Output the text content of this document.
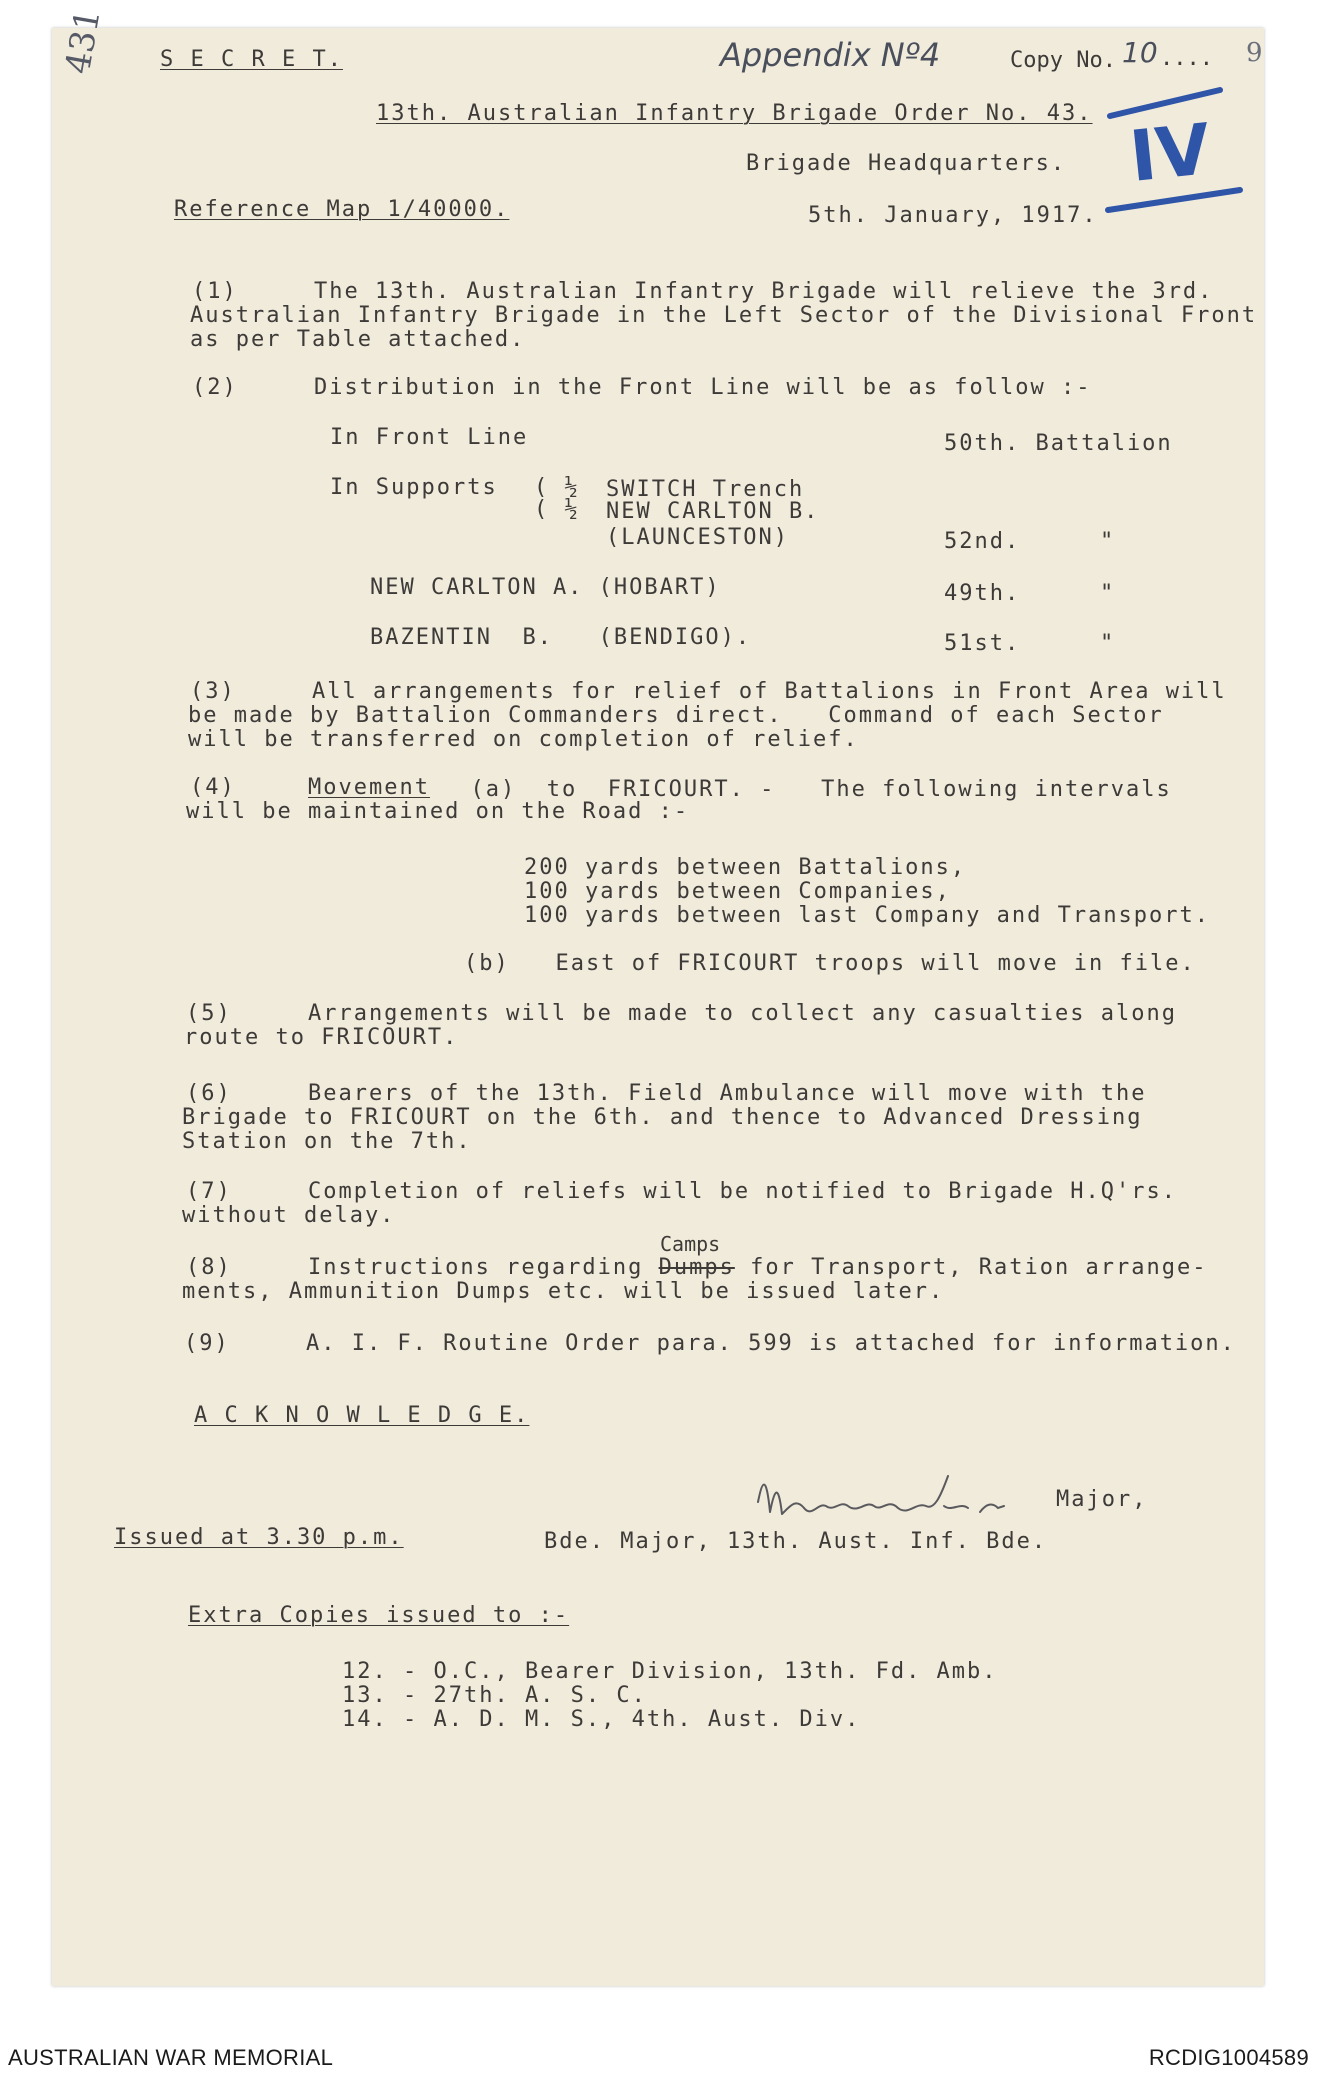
431	Appendix Nº4	Copy No. 10 .... 9
IV
S E C R E T.
13th. Australian Infantry Brigade Order No. 43.
Brigade Headquarters.
Reference Map 1/40000.	5th. January, 1917.
(1)     The 13th. Australian Infantry Brigade will relieve the 3rd.
Australian Infantry Brigade in the Left Sector of the Divisional Front
as per Table attached.
(2)     Distribution in the Front Line will be as follow :-
In Front Line	50th. Battalion
In Supports ( ½
( ½
SWITCH Trench
NEW CARLTON B.
(LAUNCESTON)	52nd.	"
NEW CARLTON A. (HOBART)	49th.	"
BAZENTIN  B.   (BENDIGO).	51st.	"
(3)     All arrangements for relief of Battalions in Front Area will
be made by Battalion Commanders direct.   Command of each Sector
will be transferred on completion of relief.
(4)	Movement (a)  to  FRICOURT. -   The following intervals
will be maintained on the Road :-
200 yards between Battalions,
100 yards between Companies,
100 yards between last Company and Transport.
(b)   East of FRICOURT troops will move in file.
(5)     Arrangements will be made to collect any casualties along
route to FRICOURT.
(6)     Bearers of the 13th. Field Ambulance will move with the
Brigade to FRICOURT on the 6th. and thence to Advanced Dressing
Station on the 7th.
(7)     Completion of reliefs will be notified to Brigade H.Q'rs.
without delay.
Camps
(8)     Instructions regarding Dumps for Transport, Ration arrange-
ments, Ammunition Dumps etc. will be issued later.
(9)     A. I. F. Routine Order para. 599 is attached for information.
A C K N O W L E D G E.
Major,
Issued at 3.30 p.m.	Bde. Major, 13th. Aust. Inf. Bde.
Extra Copies issued to :-
12. - O.C., Bearer Division, 13th. Fd. Amb.
13. - 27th. A. S. C.
14. - A. D. M. S., 4th. Aust. Div.
AUSTRALIAN WAR MEMORIAL	RCDIG1004589
